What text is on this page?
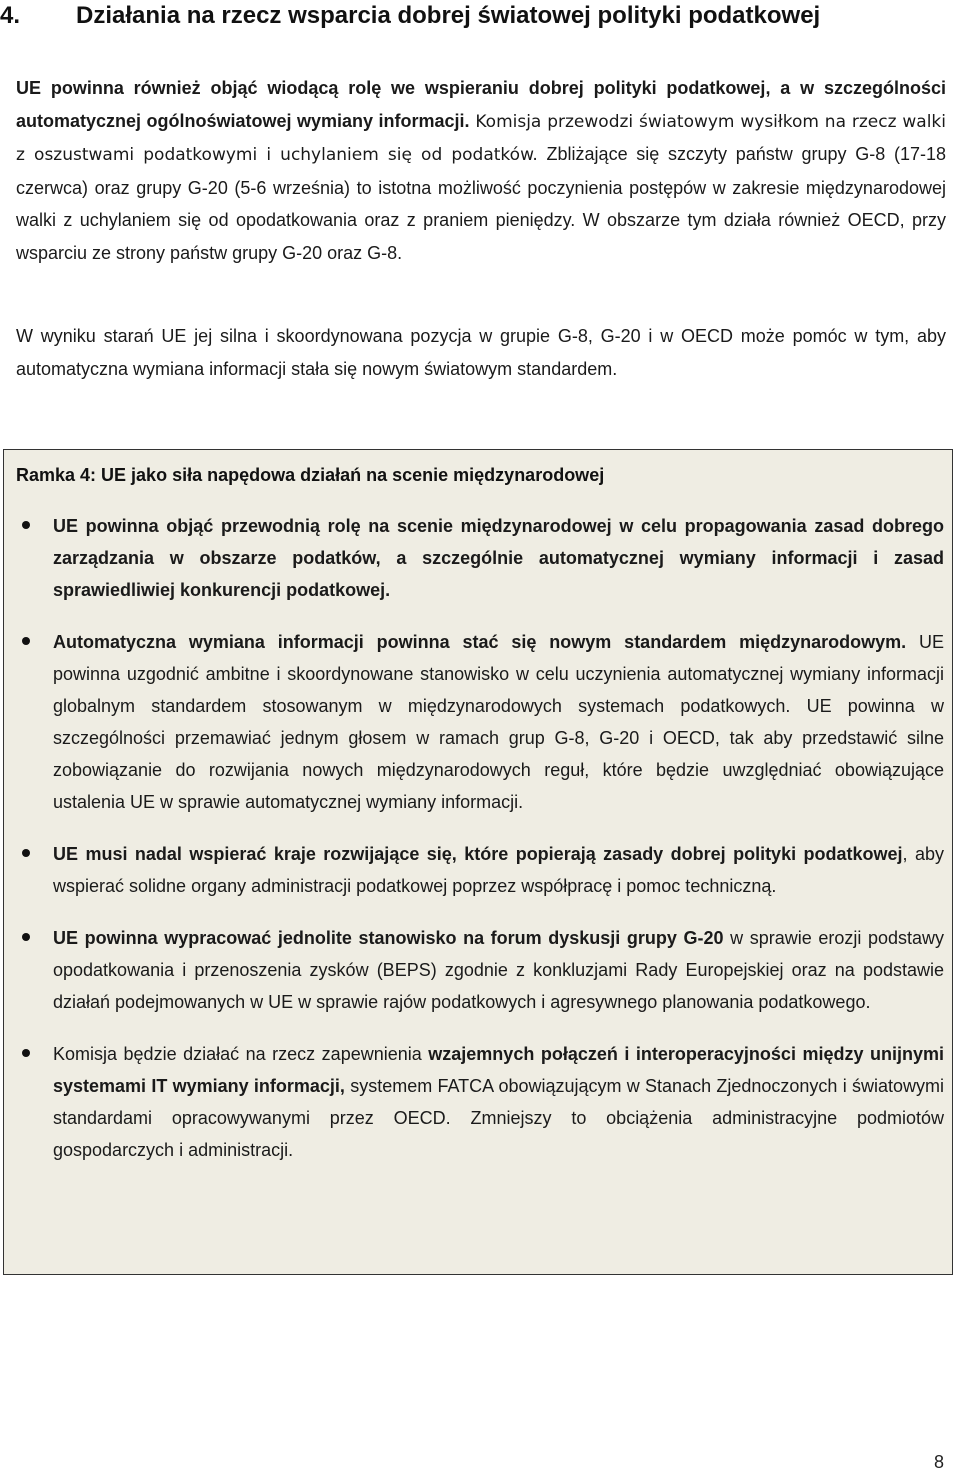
4. Działania na rzecz wsparcia dobrej światowej polityki podatkowej
UE powinna również objąć wiodącą rolę we wspieraniu dobrej polityki podatkowej, a w szczególności automatycznej ogólnoświatowej wymiany informacji. Komisja przewodzi światowym wysiłkom na rzecz walki z oszustwami podatkowymi i uchylaniem się od podatków. Zbliżające się szczyty państw grupy G-8 (17-18 czerwca) oraz grupy G-20 (5-6 września) to istotna możliwość poczynienia postępów w zakresie międzynarodowej walki z uchylaniem się od opodatkowania oraz z praniem pieniędzy. W obszarze tym działa również OECD, przy wsparciu ze strony państw grupy G-20 oraz G-8.
W wyniku starań UE jej silna i skoordynowana pozycja w grupie G-8, G-20 i w OECD może pomóc w tym, aby automatyczna wymiana informacji stała się nowym światowym standardem.
Ramka 4: UE jako siła napędowa działań na scenie międzynarodowej
UE powinna objąć przewodnią rolę na scenie międzynarodowej w celu propagowania zasad dobrego zarządzania w obszarze podatków, a szczególnie automatycznej wymiany informacji i zasad sprawiedliwiej konkurencji podatkowej.
Automatyczna wymiana informacji powinna stać się nowym standardem międzynarodowym. UE powinna uzgodnić ambitne i skoordynowane stanowisko w celu uczynienia automatycznej wymiany informacji globalnym standardem stosowanym w międzynarodowych systemach podatkowych. UE powinna w szczególności przemawiać jednym głosem w ramach grup G-8, G-20 i OECD, tak aby przedstawić silne zobowiązanie do rozwijania nowych międzynarodowych reguł, które będzie uwzględniać obowiązujące ustalenia UE w sprawie automatycznej wymiany informacji.
UE musi nadal wspierać kraje rozwijające się, które popierają zasady dobrej polityki podatkowej, aby wspierać solidne organy administracji podatkowej poprzez współpracę i pomoc techniczną.
UE powinna wypracować jednolite stanowisko na forum dyskusji grupy G-20 w sprawie erozji podstawy opodatkowania i przenoszenia zysków (BEPS) zgodnie z konkluzjami Rady Europejskiej oraz na podstawie działań podejmowanych w UE w sprawie rajów podatkowych i agresywnego planowania podatkowego.
Komisja będzie działać na rzecz zapewnienia wzajemnych połączeń i interoperacyjności między unijnymi systemami IT wymiany informacji, systemem FATCA obowiązującym w Stanach Zjednoczonych i światowymi standardami opracowywanymi przez OECD. Zmniejszy to obciążenia administracyjne podmiotów gospodarczych i administracji.
8
